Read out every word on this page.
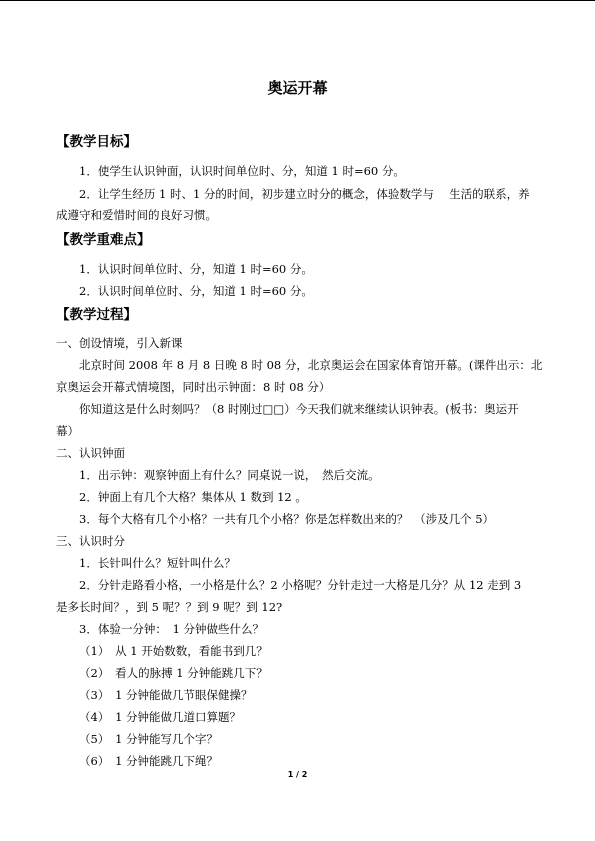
奥运开幕
【教学目标】
1．使学生认识钟面，认识时间单位时、分，知道 1 时=60 分。
2．让学生经历 1 时、1 分的时间，初步建立时分的概念，体验数学与　 生活的联系，养
成遵守和爱惜时间的良好习惯。
【教学重难点】
1．认识时间单位时、分，知道 1 时=60 分。
2．认识时间单位时、分，知道 1 时=60 分。
【教学过程】
一、创设情境，引入新课
北京时间 2008 年 8 月 8 日晚 8 时 08 分，北京奥运会在国家体育馆开幕。(课件出示：北
京奥运会开幕式情境图，同时出示钟面：8 时 08 分）
你知道这是什么时刻吗？（8 时刚过□□）今天我们就来继续认识钟表。(板书：奥运开
幕）
二、认识钟面
1．出示钟：观察钟面上有什么？同桌说一说，　然后交流。
2．钟面上有几个大格？集体从 1 数到 12 。
3．每个大格有几个小格？一共有几个小格？你是怎样数出来的？　（涉及几个 5）
三、认识时分
1．长针叫什么？短针叫什么？
2．分针走路看小格，一小格是什么？2 小格呢？分针走过一大格是几分？从 12 走到 3
是多长时间？，到 5 呢？？到 9 呢？到 12?
3．体验一分钟：　1 分钟做些什么？
（1）　从 1 开始数数，看能书到几？
（2）　看人的脉搏 1 分钟能跳几下？
（3）　1 分钟能做几节眼保健操？
（4）　1 分钟能做几道口算题？
（5）　1 分钟能写几个字？
（6）　1 分钟能跳几下绳？
1 / 2
